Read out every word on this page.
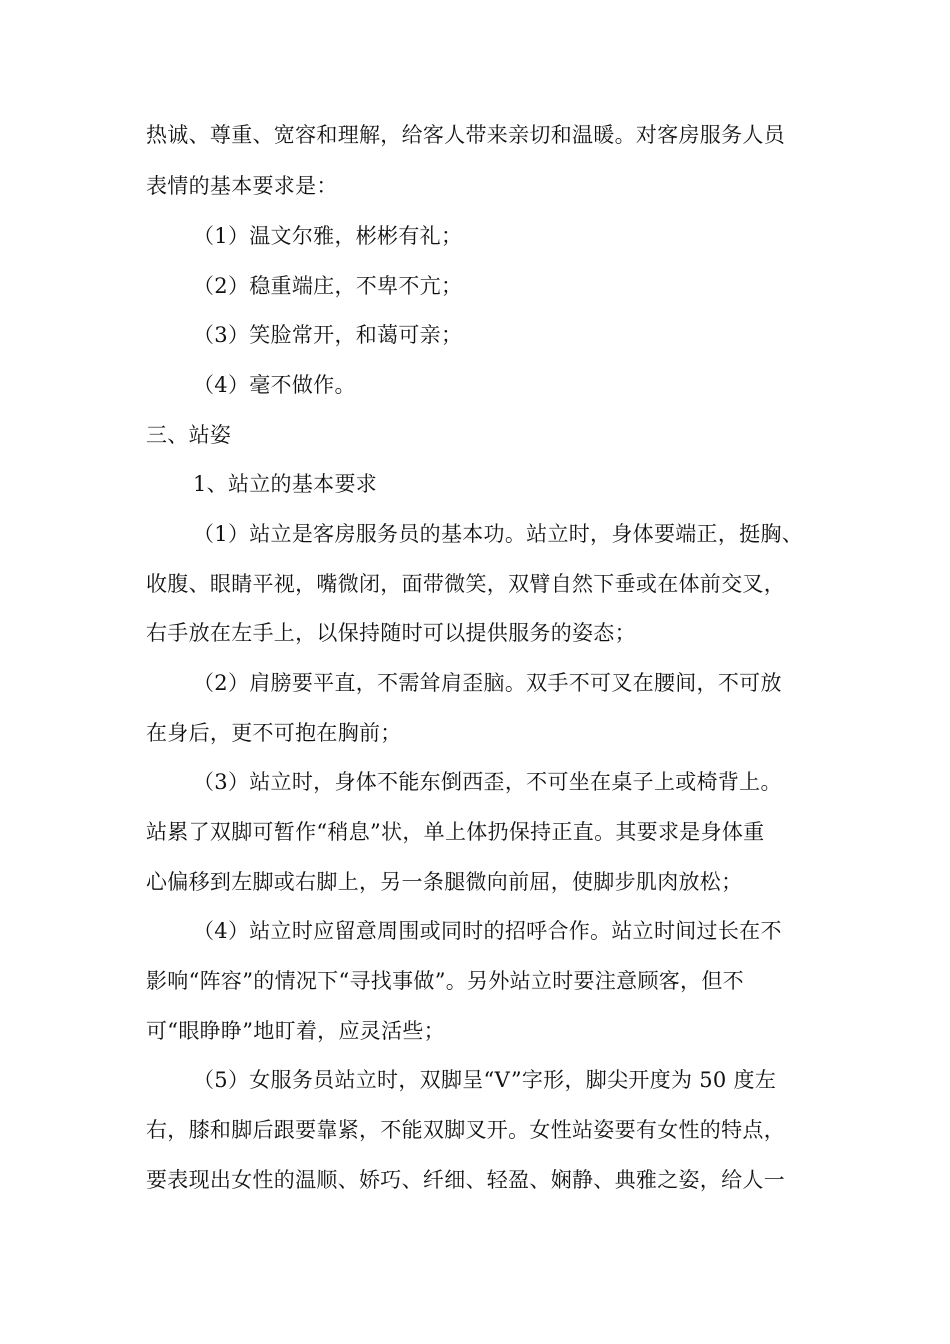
热诚、尊重、宽容和理解，给客人带来亲切和温暖。对客房服务人员
表情的基本要求是：
（1）温文尔雅，彬彬有礼；
（2）稳重端庄，不卑不亢；
（3）笑脸常开，和蔼可亲；
（4）毫不做作。
三、站姿
1、站立的基本要求
（1）站立是客房服务员的基本功。站立时，身体要端正，挺胸、
收腹、眼睛平视，嘴微闭，面带微笑，双臂自然下垂或在体前交叉，
右手放在左手上，以保持随时可以提供服务的姿态；
（2）肩膀要平直，不需耸肩歪脑。双手不可叉在腰间，不可放
在身后，更不可抱在胸前；
（3）站立时，身体不能东倒西歪，不可坐在桌子上或椅背上。
站累了双脚可暂作“稍息”状，单上体扔保持正直。其要求是身体重
心偏移到左脚或右脚上，另一条腿微向前屈，使脚步肌肉放松；
（4）站立时应留意周围或同时的招呼合作。站立时间过长在不
影响“阵容”的情况下“寻找事做”。另外站立时要注意顾客，但不
可“眼睁睁”地盯着，应灵活些；
（5）女服务员站立时，双脚呈“V”字形，脚尖开度为 50 度左
右，膝和脚后跟要靠紧，不能双脚叉开。女性站姿要有女性的特点，
要表现出女性的温顺、娇巧、纤细、轻盈、娴静、典雅之姿，给人一
